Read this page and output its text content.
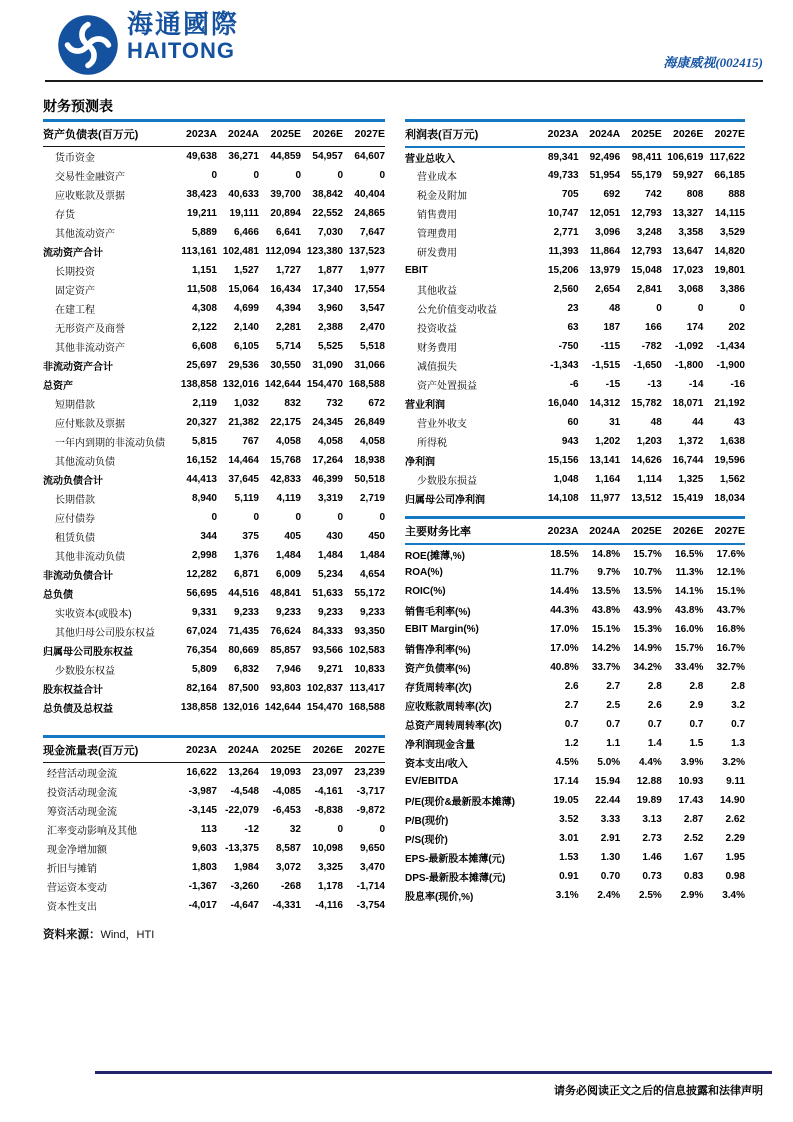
海通國際
HAITONG	海康威视(002415)
财务预测表
资产负债表(百万元)	2023A	2024A	2025E	2026E	2027E
货币资金	49,638	36,271	44,859	54,957	64,607
交易性金融资产	0	0	0	0	0
应收账款及票据	38,423	40,633	39,700	38,842	40,404
存货	19,211	19,111	20,894	22,552	24,865
其他流动资产	5,889	6,466	6,641	7,030	7,647
流动资产合计	113,161	102,481	112,094	123,380	137,523
长期投资	1,151	1,527	1,727	1,877	1,977
固定资产	11,508	15,064	16,434	17,340	17,554
在建工程	4,308	4,699	4,394	3,960	3,547
无形资产及商誉	2,122	2,140	2,281	2,388	2,470
其他非流动资产	6,608	6,105	5,714	5,525	5,518
非流动资产合计	25,697	29,536	30,550	31,090	31,066
总资产	138,858	132,016	142,644	154,470	168,588
短期借款	2,119	1,032	832	732	672
应付账款及票据	20,327	21,382	22,175	24,345	26,849
一年内到期的非流动负债	5,815	767	4,058	4,058	4,058
其他流动负债	16,152	14,464	15,768	17,264	18,938
流动负债合计	44,413	37,645	42,833	46,399	50,518
长期借款	8,940	5,119	4,119	3,319	2,719
应付债券	0	0	0	0	0
租赁负债	344	375	405	430	450
其他非流动负债	2,998	1,376	1,484	1,484	1,484
非流动负债合计	12,282	6,871	6,009	5,234	4,654
总负债	56,695	44,516	48,841	51,633	55,172
实收资本(或股本)	9,331	9,233	9,233	9,233	9,233
其他归母公司股东权益	67,024	71,435	76,624	84,333	93,350
归属母公司股东权益	76,354	80,669	85,857	93,566	102,583
少数股东权益	5,809	6,832	7,946	9,271	10,833
股东权益合计	82,164	87,500	93,803	102,837	113,417
总负债及总权益	138,858	132,016	142,644	154,470	168,588
利润表(百万元)	2023A	2024A	2025E	2026E	2027E
营业总收入	89,341	92,496	98,411	106,619	117,622
营业成本	49,733	51,954	55,179	59,927	66,185
税金及附加	705	692	742	808	888
销售费用	10,747	12,051	12,793	13,327	14,115
管理费用	2,771	3,096	3,248	3,358	3,529
研发费用	11,393	11,864	12,793	13,647	14,820
EBIT	15,206	13,979	15,048	17,023	19,801
其他收益	2,560	2,654	2,841	3,068	3,386
公允价值变动收益	23	48	0	0	0
投资收益	63	187	166	174	202
财务费用	-750	-115	-782	-1,092	-1,434
减值损失	-1,343	-1,515	-1,650	-1,800	-1,900
资产处置损益	-6	-15	-13	-14	-16
营业利润	16,040	14,312	15,782	18,071	21,192
营业外收支	60	31	48	44	43
所得税	943	1,202	1,203	1,372	1,638
净利润	15,156	13,141	14,626	16,744	19,596
少数股东损益	1,048	1,164	1,114	1,325	1,562
归属母公司净利润	14,108	11,977	13,512	15,419	18,034
主要财务比率	2023A	2024A	2025E	2026E	2027E
ROE(摊薄,%)	18.5%	14.8%	15.7%	16.5%	17.6%
ROA(%)	11.7%	9.7%	10.7%	11.3%	12.1%
ROIC(%)	14.4%	13.5%	13.5%	14.1%	15.1%
销售毛利率(%)	44.3%	43.8%	43.9%	43.8%	43.7%
EBIT Margin(%)	17.0%	15.1%	15.3%	16.0%	16.8%
销售净利率(%)	17.0%	14.2%	14.9%	15.7%	16.7%
资产负债率(%)	40.8%	33.7%	34.2%	33.4%	32.7%
存货周转率(次)	2.6	2.7	2.8	2.8	2.8
应收账款周转率(次)	2.7	2.5	2.6	2.9	3.2
总资产周转周转率(次)	0.7	0.7	0.7	0.7	0.7
净利润现金含量	1.2	1.1	1.4	1.5	1.3
资本支出/收入	4.5%	5.0%	4.4%	3.9%	3.2%
EV/EBITDA	17.14	15.94	12.88	10.93	9.11
P/E(现价&最新股本摊薄)	19.05	22.44	19.89	17.43	14.90
P/B(现价)	3.52	3.33	3.13	2.87	2.62
P/S(现价)	3.01	2.91	2.73	2.52	2.29
EPS-最新股本摊薄(元)	1.53	1.30	1.46	1.67	1.95
DPS-最新股本摊薄(元)	0.91	0.70	0.73	0.83	0.98
股息率(现价,%)	3.1%	2.4%	2.5%	2.9%	3.4%
现金流量表(百万元)	2023A	2024A	2025E	2026E	2027E
经营活动现金流	16,622	13,264	19,093	23,097	23,239
投资活动现金流	-3,987	-4,548	-4,085	-4,161	-3,717
筹资活动现金流	-3,145	-22,079	-6,453	-8,838	-9,872
汇率变动影响及其他	113	-12	32	0	0
现金净增加额	9,603	-13,375	8,587	10,098	9,650
折旧与摊销	1,803	1,984	3,072	3,325	3,470
营运资本变动	-1,367	-3,260	-268	1,178	-1,714
资本性支出	-4,017	-4,647	-4,331	-4,116	-3,754
资料来源：Wind，HTI
请务必阅读正文之后的信息披露和法律声明
